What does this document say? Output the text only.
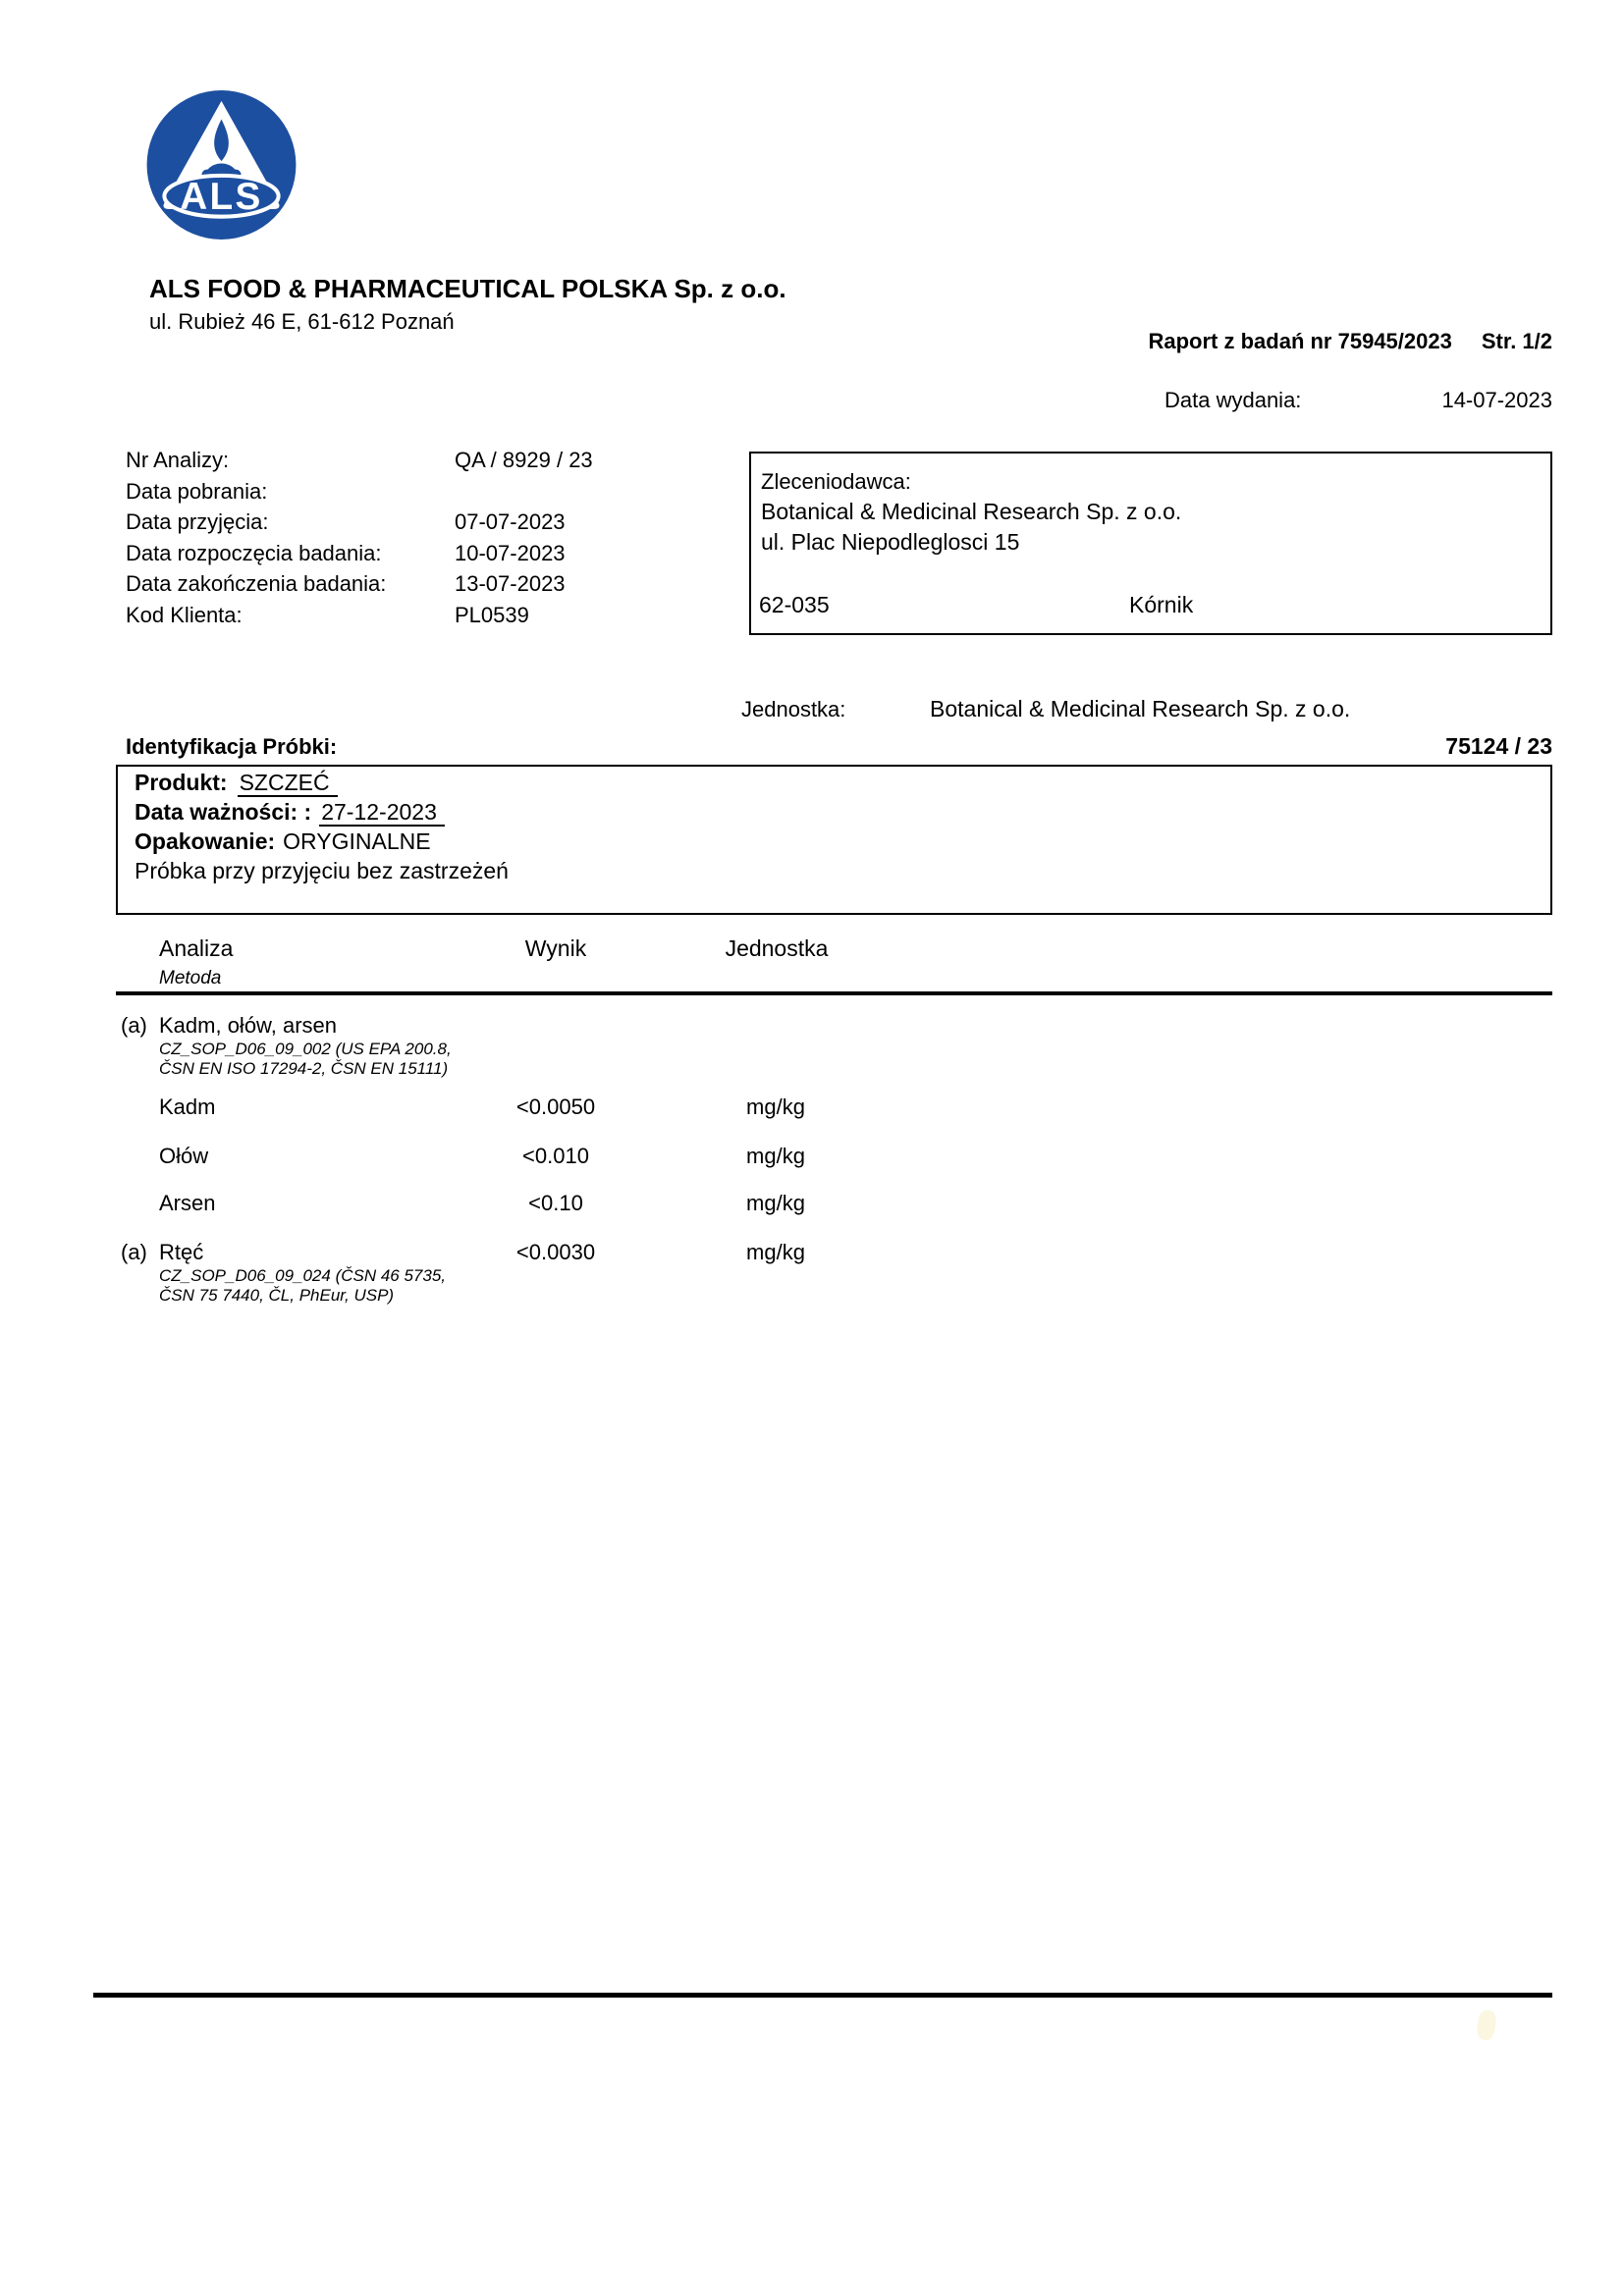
ALS
ALS FOOD & PHARMACEUTICAL POLSKA Sp. z o.o.
ul. Rubież 46 E, 61-612 Poznań
Raport z badań nr 75945/2023 Str. 1/2
Data wydania:	14-07-2023
Nr Analizy:	QA / 8929 / 23
Data pobrania:
Data przyjęcia:	07-07-2023
Data rozpoczęcia badania:	10-07-2023
Data zakończenia badania:	13-07-2023
Kod Klienta:	PL0539
Zleceniodawca:
Botanical & Medicinal Research Sp. z o.o.
ul. Plac Niepodleglosci 15
62-035	Kórnik
Jednostka:	Botanical & Medicinal Research Sp. z o.o.
Identyfikacja Próbki:	75124 / 23
Produkt: SZCZEĆ
Data ważności: : 27-12-2023
Opakowanie: ORYGINALNE
Próbka przy przyjęciu bez zastrzeżeń
Analiza	Wynik	Jednostka
Metoda
(a) Kadm, ołów, arsen
CZ_SOP_D06_09_002 (US EPA 200.8,
ČSN EN ISO 17294-2, ČSN EN 15111)
Kadm	<0.0050	mg/kg
Ołów	<0.010	mg/kg
Arsen	<0.10	mg/kg
(a) Rtęć	<0.0030	mg/kg
CZ_SOP_D06_09_024 (ČSN 46 5735,
ČSN 75 7440, ČL, PhEur, USP)
